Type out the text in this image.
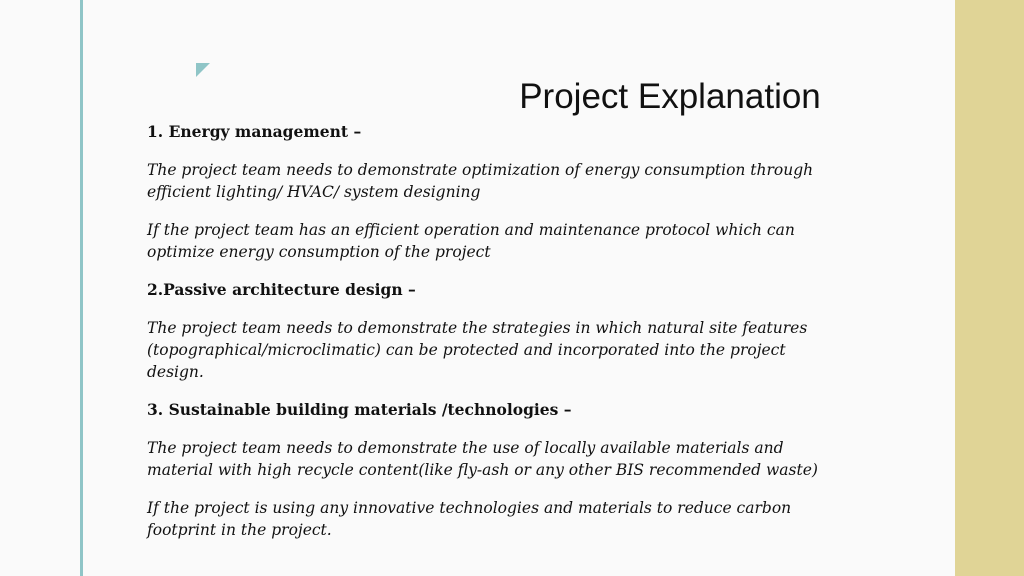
Project Explanation

1. Energy management –

The project team needs to demonstrate optimization of energy consumption through efficient lighting/ HVAC/ system designing

If the project team has an efficient operation and maintenance protocol which can optimize energy consumption of the project

2.Passive architecture design –

The project team needs to demonstrate the strategies in which natural site features (topographical/microclimatic) can be protected and incorporated into the project design.

3. Sustainable building materials /technologies –

The project team needs to demonstrate the use of locally available materials and material with high recycle content(like fly-ash or any other BIS recommended waste)

If the project is using any innovative technologies and materials to reduce carbon footprint in the project.
